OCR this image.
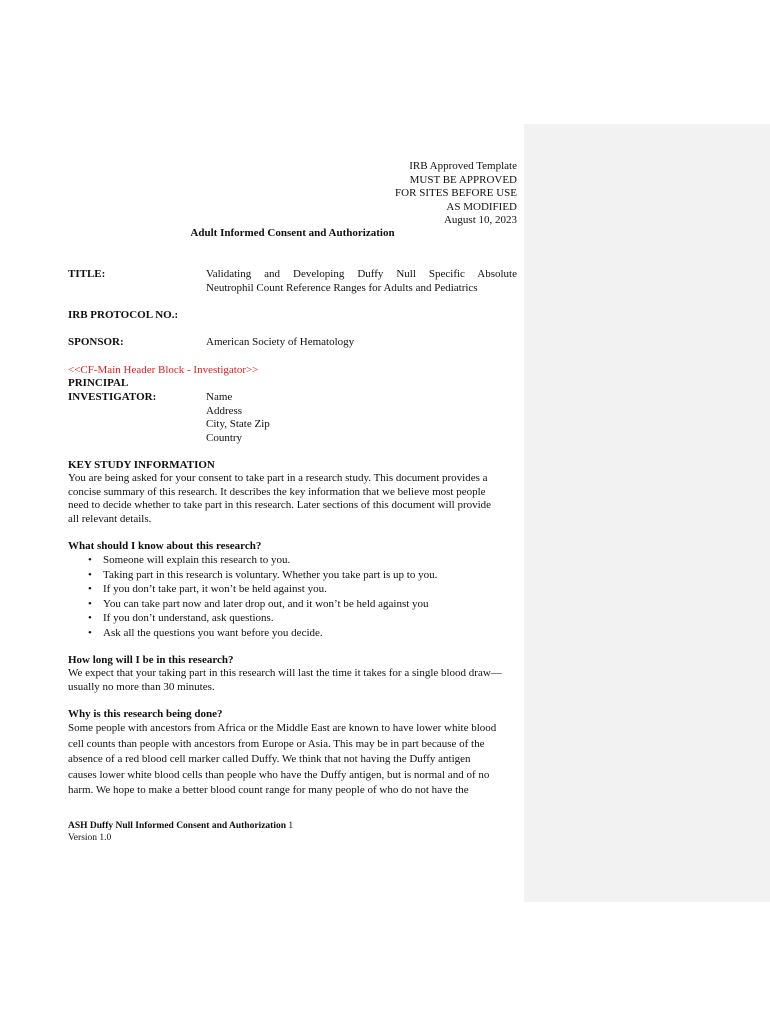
IRB Approved Template
MUST BE APPROVED
FOR SITES BEFORE USE
AS MODIFIED
August 10, 2023
Adult Informed Consent and Authorization
TITLE:	Validating and Developing Duffy Null Specific Absolute
Neutrophil Count Reference Ranges for Adults and Pediatrics
IRB PROTOCOL NO.:
SPONSOR:	American Society of Hematology
<<CF-Main Header Block - Investigator>>
PRINCIPAL
INVESTIGATOR:	Name
Address
City, State Zip
Country
KEY STUDY INFORMATION
You are being asked for your consent to take part in a research study. This document provides a
concise summary of this research. It describes the key information that we believe most people
need to decide whether to take part in this research. Later sections of this document will provide
all relevant details.
What should I know about this research?
• Someone will explain this research to you.
• Taking part in this research is voluntary. Whether you take part is up to you.
• If you don’t take part, it won’t be held against you.
• You can take part now and later drop out, and it won’t be held against you
• If you don’t understand, ask questions.
• Ask all the questions you want before you decide.
How long will I be in this research?
We expect that your taking part in this research will last the time it takes for a single blood draw—
usually no more than 30 minutes.
Why is this research being done?
Some people with ancestors from Africa or the Middle East are known to have lower white blood
cell counts than people with ancestors from Europe or Asia. This may be in part because of the
absence of a red blood cell marker called Duffy. We think that not having the Duffy antigen
causes lower white blood cells than people who have the Duffy antigen, but is normal and of no
harm. We hope to make a better blood count range for many people of who do not have the
ASH Duffy Null Informed Consent and Authorization 1
Version 1.0
